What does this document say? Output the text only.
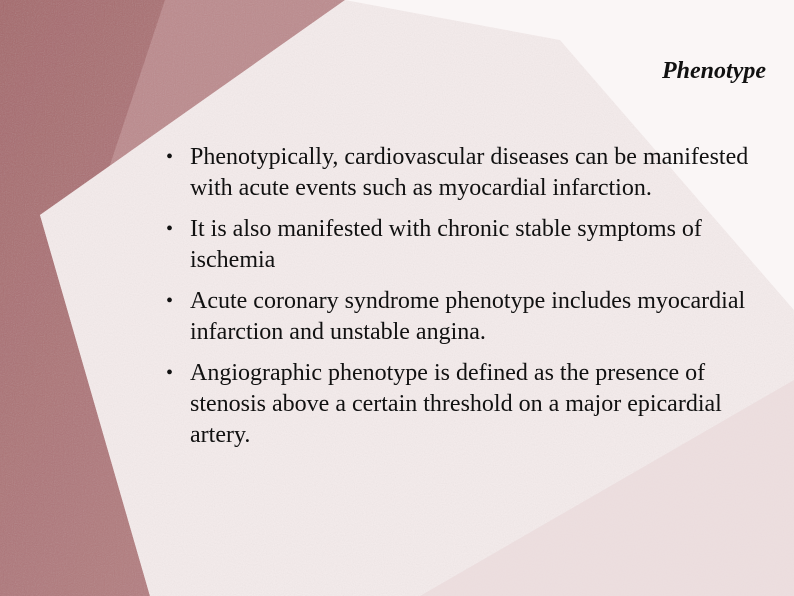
Phenotype
• Phenotypically, cardiovascular diseases can be manifested with acute events such as myocardial infarction.
• It is also manifested with chronic stable symptoms of ischemia
• Acute coronary syndrome phenotype includes myocardial infarction and unstable angina.
• Angiographic phenotype is defined as the presence of stenosis above a certain threshold on a major epicardial artery.
